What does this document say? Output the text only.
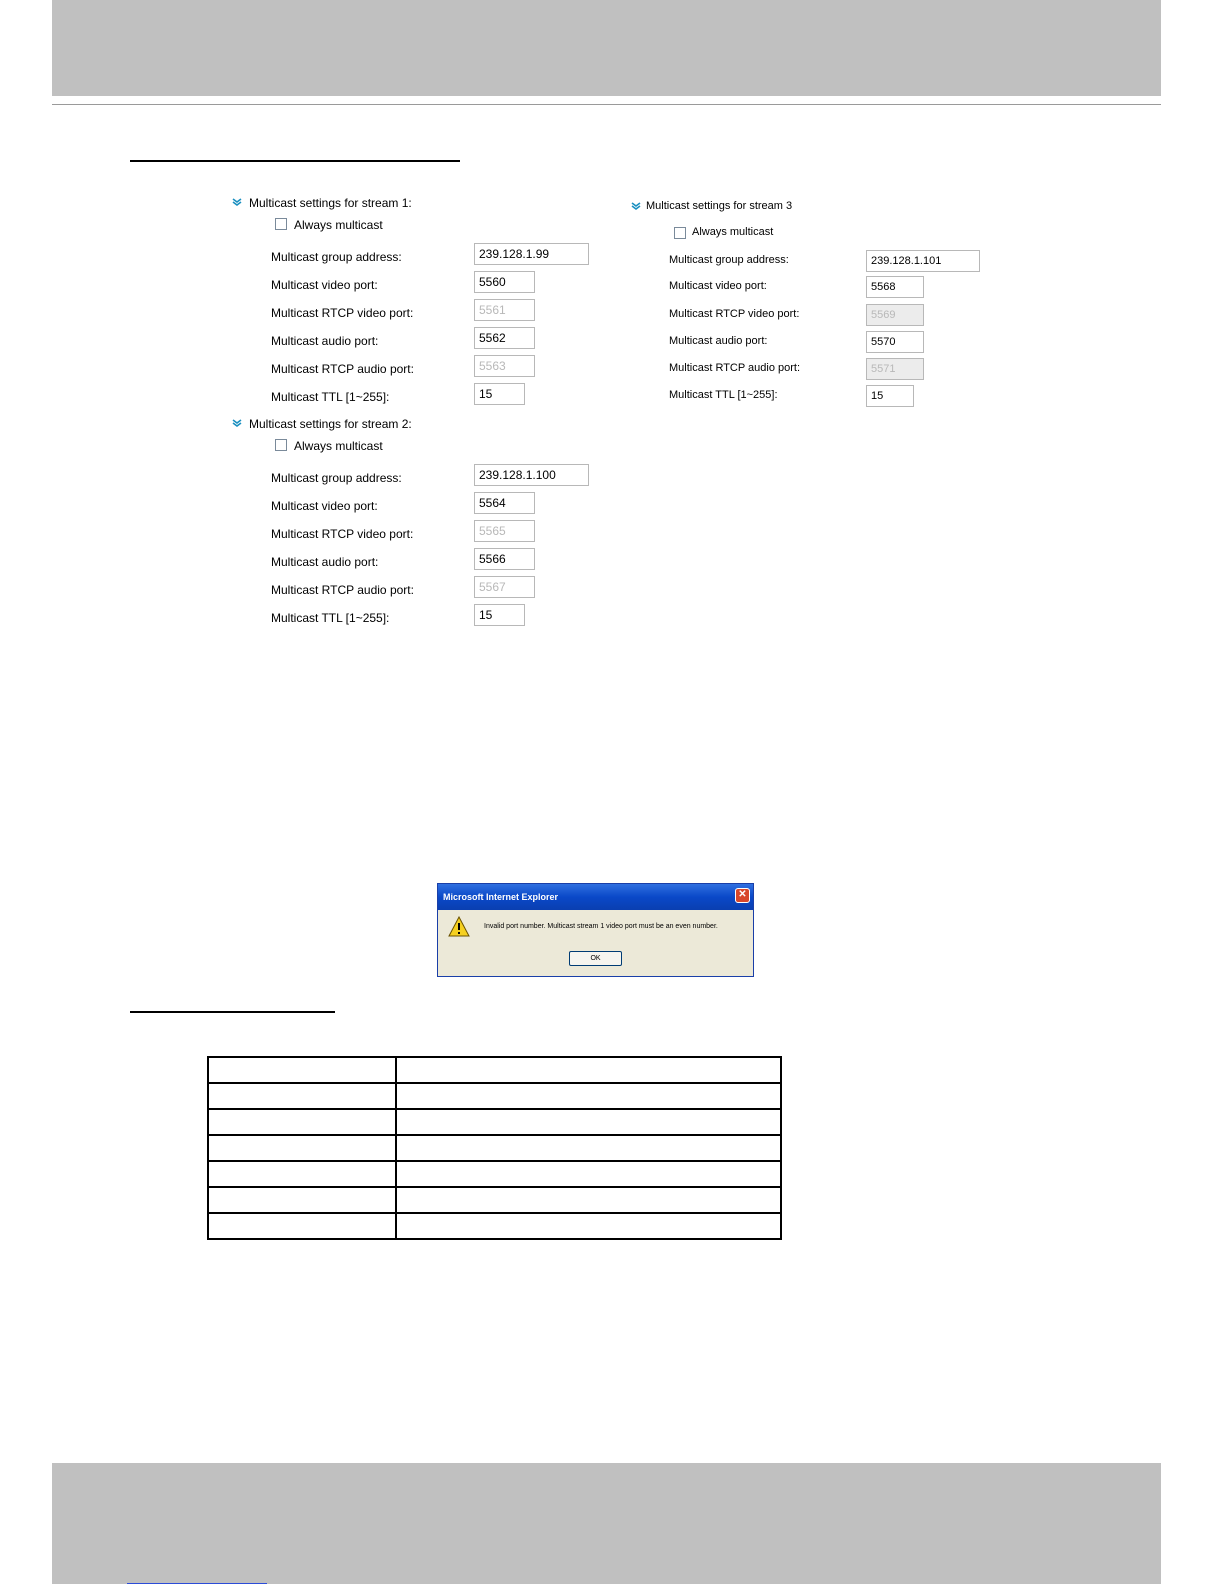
Multicast settings for stream 1:
Always multicast
Multicast group address:
239.128.1.99
Multicast video port:
5560
Multicast RTCP video port:
5561
Multicast audio port:
5562
Multicast RTCP audio port:
5563
Multicast TTL [1~255]:
15
Multicast settings for stream 2:
Always multicast
Multicast group address:
239.128.1.100
Multicast video port:
5564
Multicast RTCP video port:
5565
Multicast audio port:
5566
Multicast RTCP audio port:
5567
Multicast TTL [1~255]:
15
Multicast settings for stream 3
Always multicast
Multicast group address:
239.128.1.101
Multicast video port:
5568
Multicast RTCP video port:
5569
Multicast audio port:
5570
Multicast RTCP audio port:
5571
Multicast TTL [1~255]:
15
Microsoft Internet Explorer	✕
Invalid port number. Multicast stream 1 video port must be an even number.
OK
